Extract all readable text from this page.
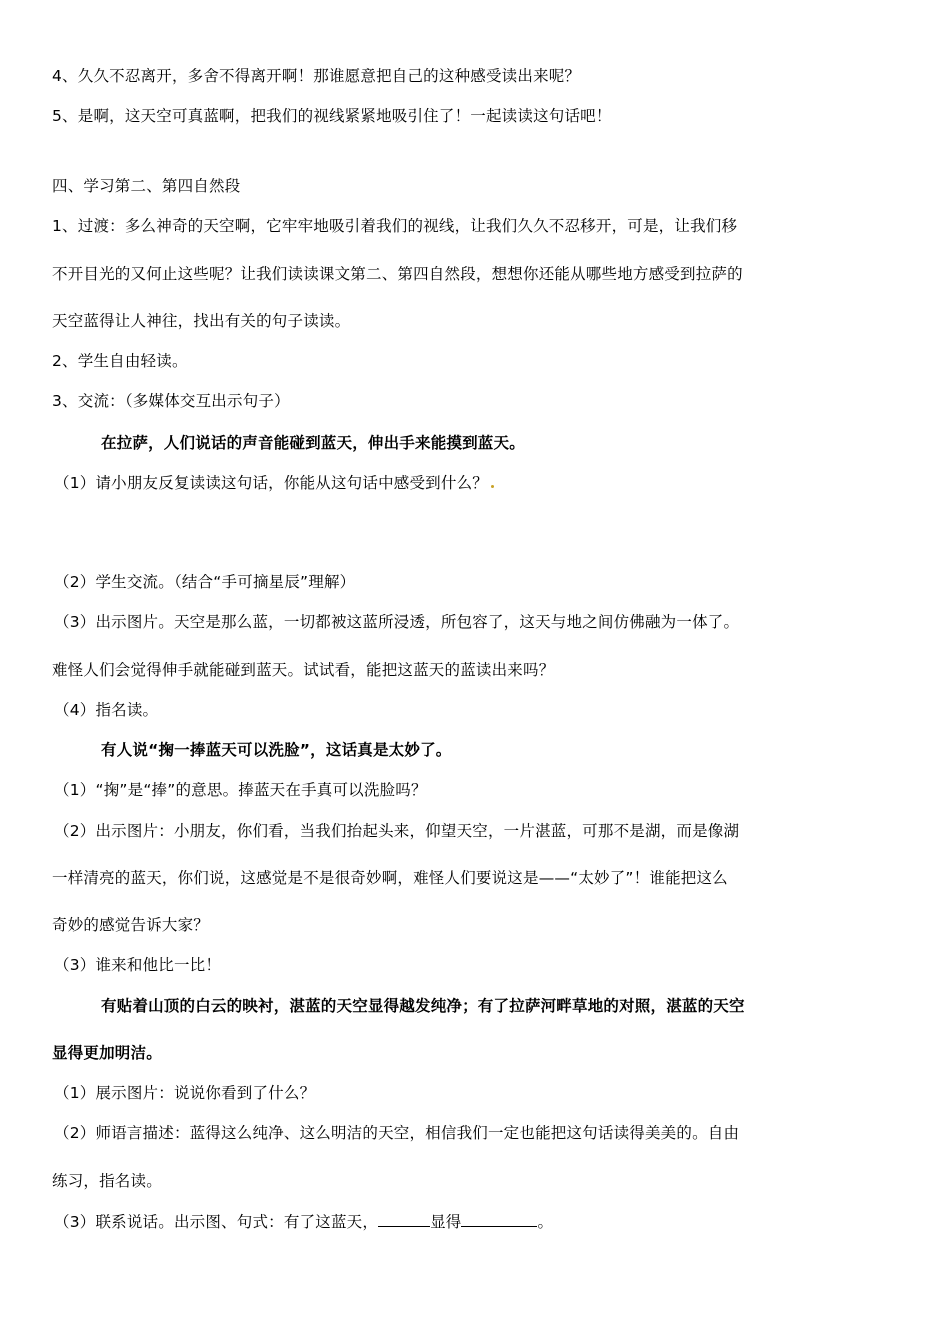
4、久久不忍离开，多舍不得离开啊！那谁愿意把自己的这种感受读出来呢？
5、是啊，这天空可真蓝啊，把我们的视线紧紧地吸引住了！一起读读这句话吧！
四、学习第二、第四自然段
1、过渡：多么神奇的天空啊，它牢牢地吸引着我们的视线，让我们久久不忍移开，可是，让我们移
不开目光的又何止这些呢？让我们读读课文第二、第四自然段，想想你还能从哪些地方感受到拉萨的
天空蓝得让人神往，找出有关的句子读读。
2、学生自由轻读。
3、交流：（多媒体交互出示句子）
在拉萨，人们说话的声音能碰到蓝天，伸出手来能摸到蓝天。
（1）请小朋友反复读读这句话，你能从这句话中感受到什么？
（2）学生交流。（结合“手可摘星辰”理解）
（3）出示图片。天空是那么蓝，一切都被这蓝所浸透，所包容了，这天与地之间仿佛融为一体了。
难怪人们会觉得伸手就能碰到蓝天。试试看，能把这蓝天的蓝读出来吗？
（4）指名读。
有人说“掬一捧蓝天可以洗脸”，这话真是太妙了。
（1）“掬”是“捧”的意思。捧蓝天在手真可以洗脸吗？
（2）出示图片：小朋友，你们看，当我们抬起头来，仰望天空，一片湛蓝，可那不是湖，而是像湖
一样清亮的蓝天，你们说，这感觉是不是很奇妙啊，难怪人们要说这是——“太妙了”！谁能把这么
奇妙的感觉告诉大家？
（3）谁来和他比一比！
有贴着山顶的白云的映衬，湛蓝的天空显得越发纯净；有了拉萨河畔草地的对照，湛蓝的天空
显得更加明洁。
（1）展示图片：说说你看到了什么？
（2）师语言描述：蓝得这么纯净、这么明洁的天空，相信我们一定也能把这句话读得美美的。自由
练习，指名读。
（3）联系说话。出示图、句式：有了这蓝天，	显得	。
